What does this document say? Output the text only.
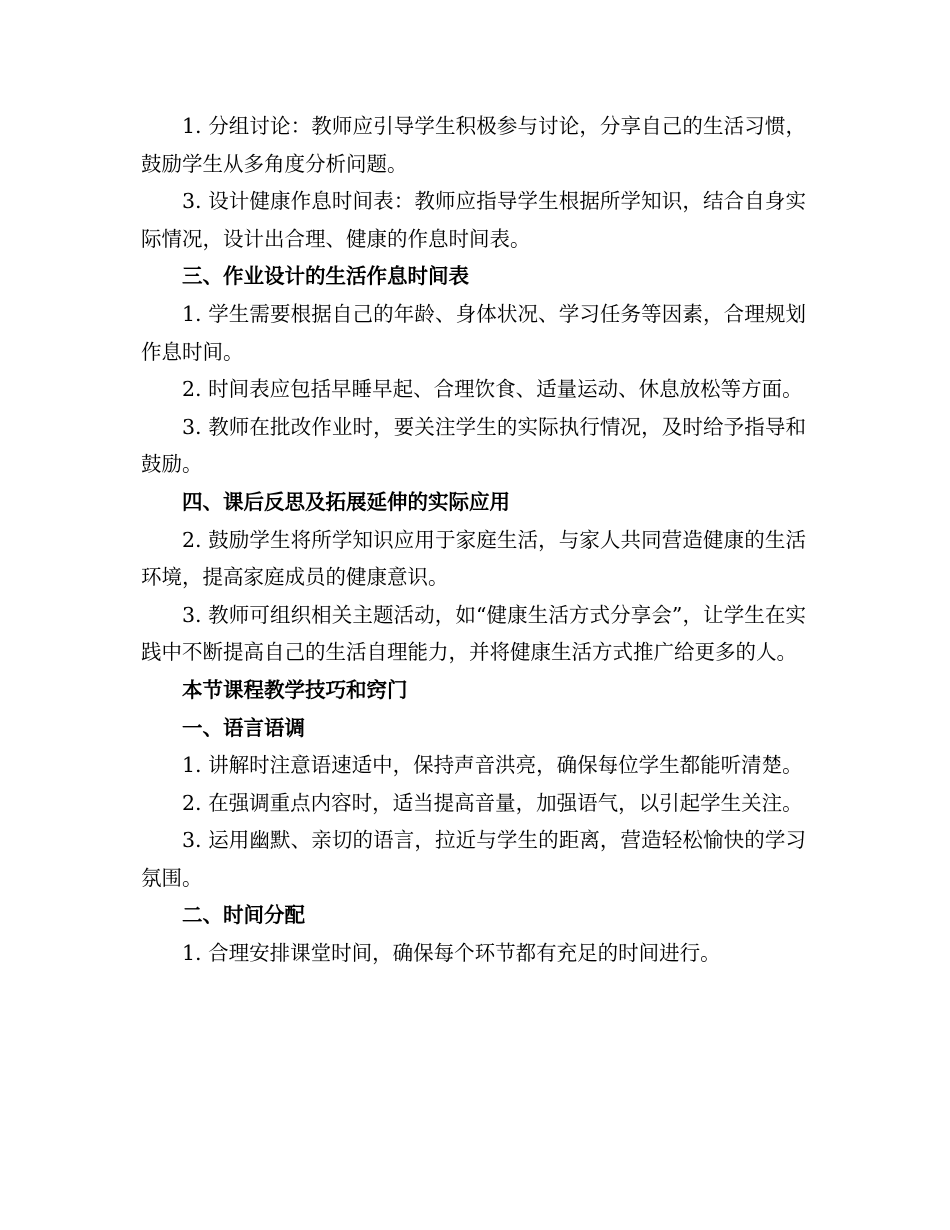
1. 分组讨论：教师应引导学生积极参与讨论，分享自己的生活习惯，鼓励学生从多角度分析问题。

3. 设计健康作息时间表：教师应指导学生根据所学知识，结合自身实际情况，设计出合理、健康的作息时间表。

三、作业设计的生活作息时间表

1. 学生需要根据自己的年龄、身体状况、学习任务等因素，合理规划作息时间。

2. 时间表应包括早睡早起、合理饮食、适量运动、休息放松等方面。

3. 教师在批改作业时，要关注学生的实际执行情况，及时给予指导和鼓励。

四、课后反思及拓展延伸的实际应用

2. 鼓励学生将所学知识应用于家庭生活，与家人共同营造健康的生活环境，提高家庭成员的健康意识。

3. 教师可组织相关主题活动，如“健康生活方式分享会”，让学生在实践中不断提高自己的生活自理能力，并将健康生活方式推广给更多的人。

本节课程教学技巧和窍门

一、语言语调

1. 讲解时注意语速适中，保持声音洪亮，确保每位学生都能听清楚。

2. 在强调重点内容时，适当提高音量，加强语气，以引起学生关注。

3. 运用幽默、亲切的语言，拉近与学生的距离，营造轻松愉快的学习氛围。

二、时间分配

1. 合理安排课堂时间，确保每个环节都有充足的时间进行。
